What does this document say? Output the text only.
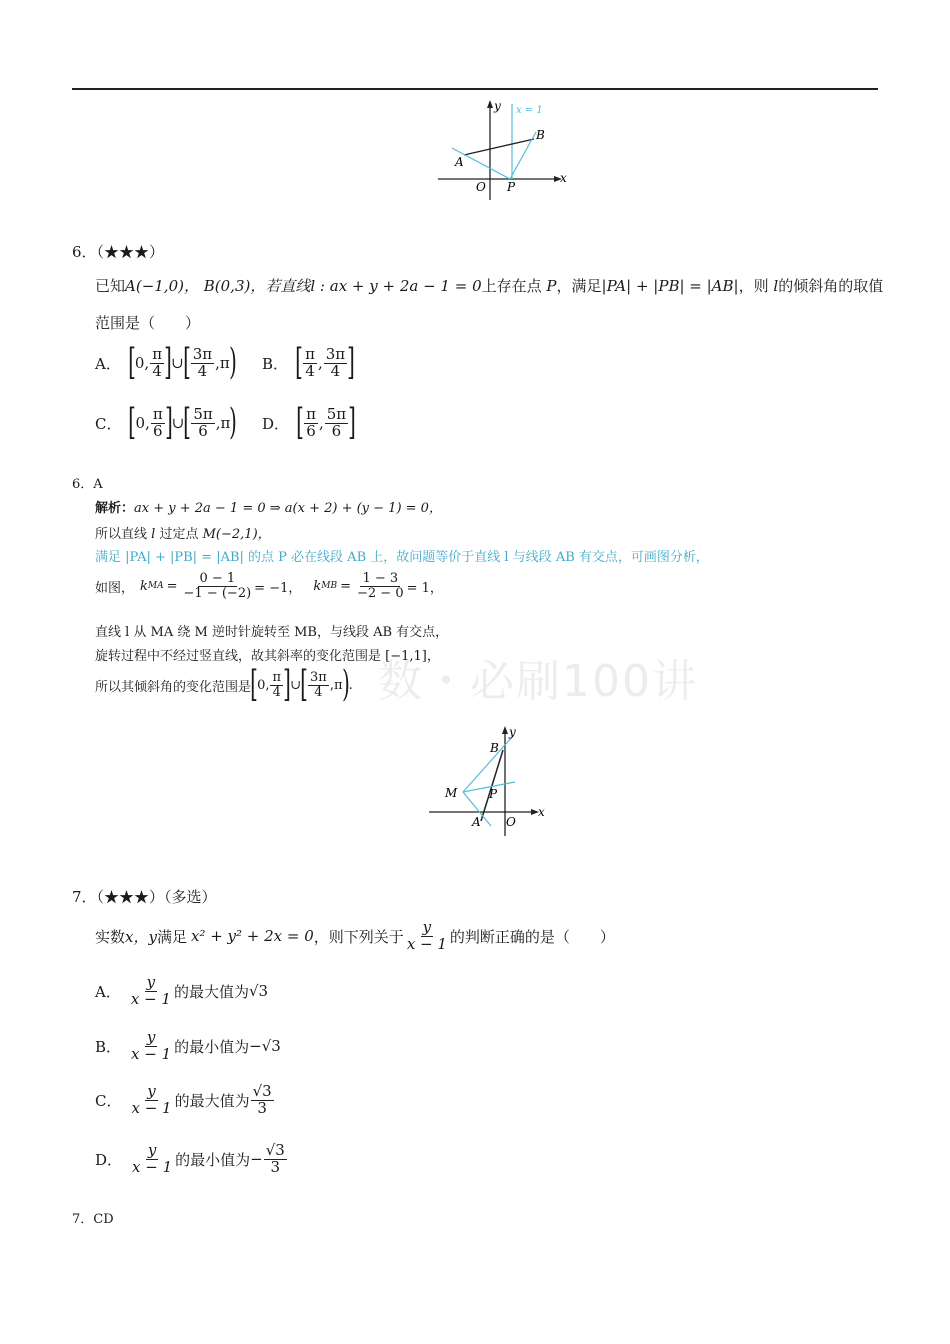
数・必刷100讲
y
x
O P
A
B
x = 1
6．（★★★）
已知A(−1,0)， B(0,3)，若直线l : ax + y + 2a − 1 = 0上存在点 P，满足|PA| + |PB| = |AB|，则 l的倾斜角的取值
范围是（　　）
A． [ 0, $\frac{\pi}{4}$ ] ∪ [ $\frac{3\pi}{4} ,\pi$ ) B． [ $\frac{\pi}{4}$ , $\frac{3\pi}{4}$ ]
C． [ 0, $\frac{\pi}{6}$ ] ∪ [ $\frac{5\pi}{6} ,\pi$ ) D． [ $\frac{\pi}{6}$ , $\frac{5\pi}{6}$ ]
6．A
解析：ax + y + 2a − 1 = 0 ⇒ a(x + 2) + (y − 1) = 0，
所以直线 l 过定点 M(−2,1)，
满足 |PA| + |PB| = |AB| 的点 P 必在线段 AB 上，故问题等价于直线 l 与线段 AB 有交点，可画图分析，
如图， k MA = $\frac{0 - 1}{-1 - (-2)} = -1$， k MB = $\frac{1 - 3}{-2 - 0} = 1$，
直线 l 从 MA 绕 M 逆时针旋转至 MB，与线段 AB 有交点，
旋转过程中不经过竖直线，故其斜率的变化范围是 [−1,1]，
所以其倾斜角的变化范围是 [ 0, $\frac{\pi}{4}$ ] ∪ [ $\frac{3\pi}{4} ,\pi$ ) .
y
x
O
A
B
M	P
7．（★★★）（多选）
实数 x，y 满足 x² + y² + 2x = 0 ，则下列关于 $\frac{y}{x - 1}$ 的判断正确的是（　　）
A． $\frac{y}{x - 1}$ 的最大值为 √3
B． $\frac{y}{x - 1}$ 的最小值为 −√3
C． $\frac{y}{x - 1}$ 的最大值为 $\frac{√3}{3}$
D． $\frac{y}{x - 1}$ 的最小值为 − $\frac{√3}{3}$
7．CD
